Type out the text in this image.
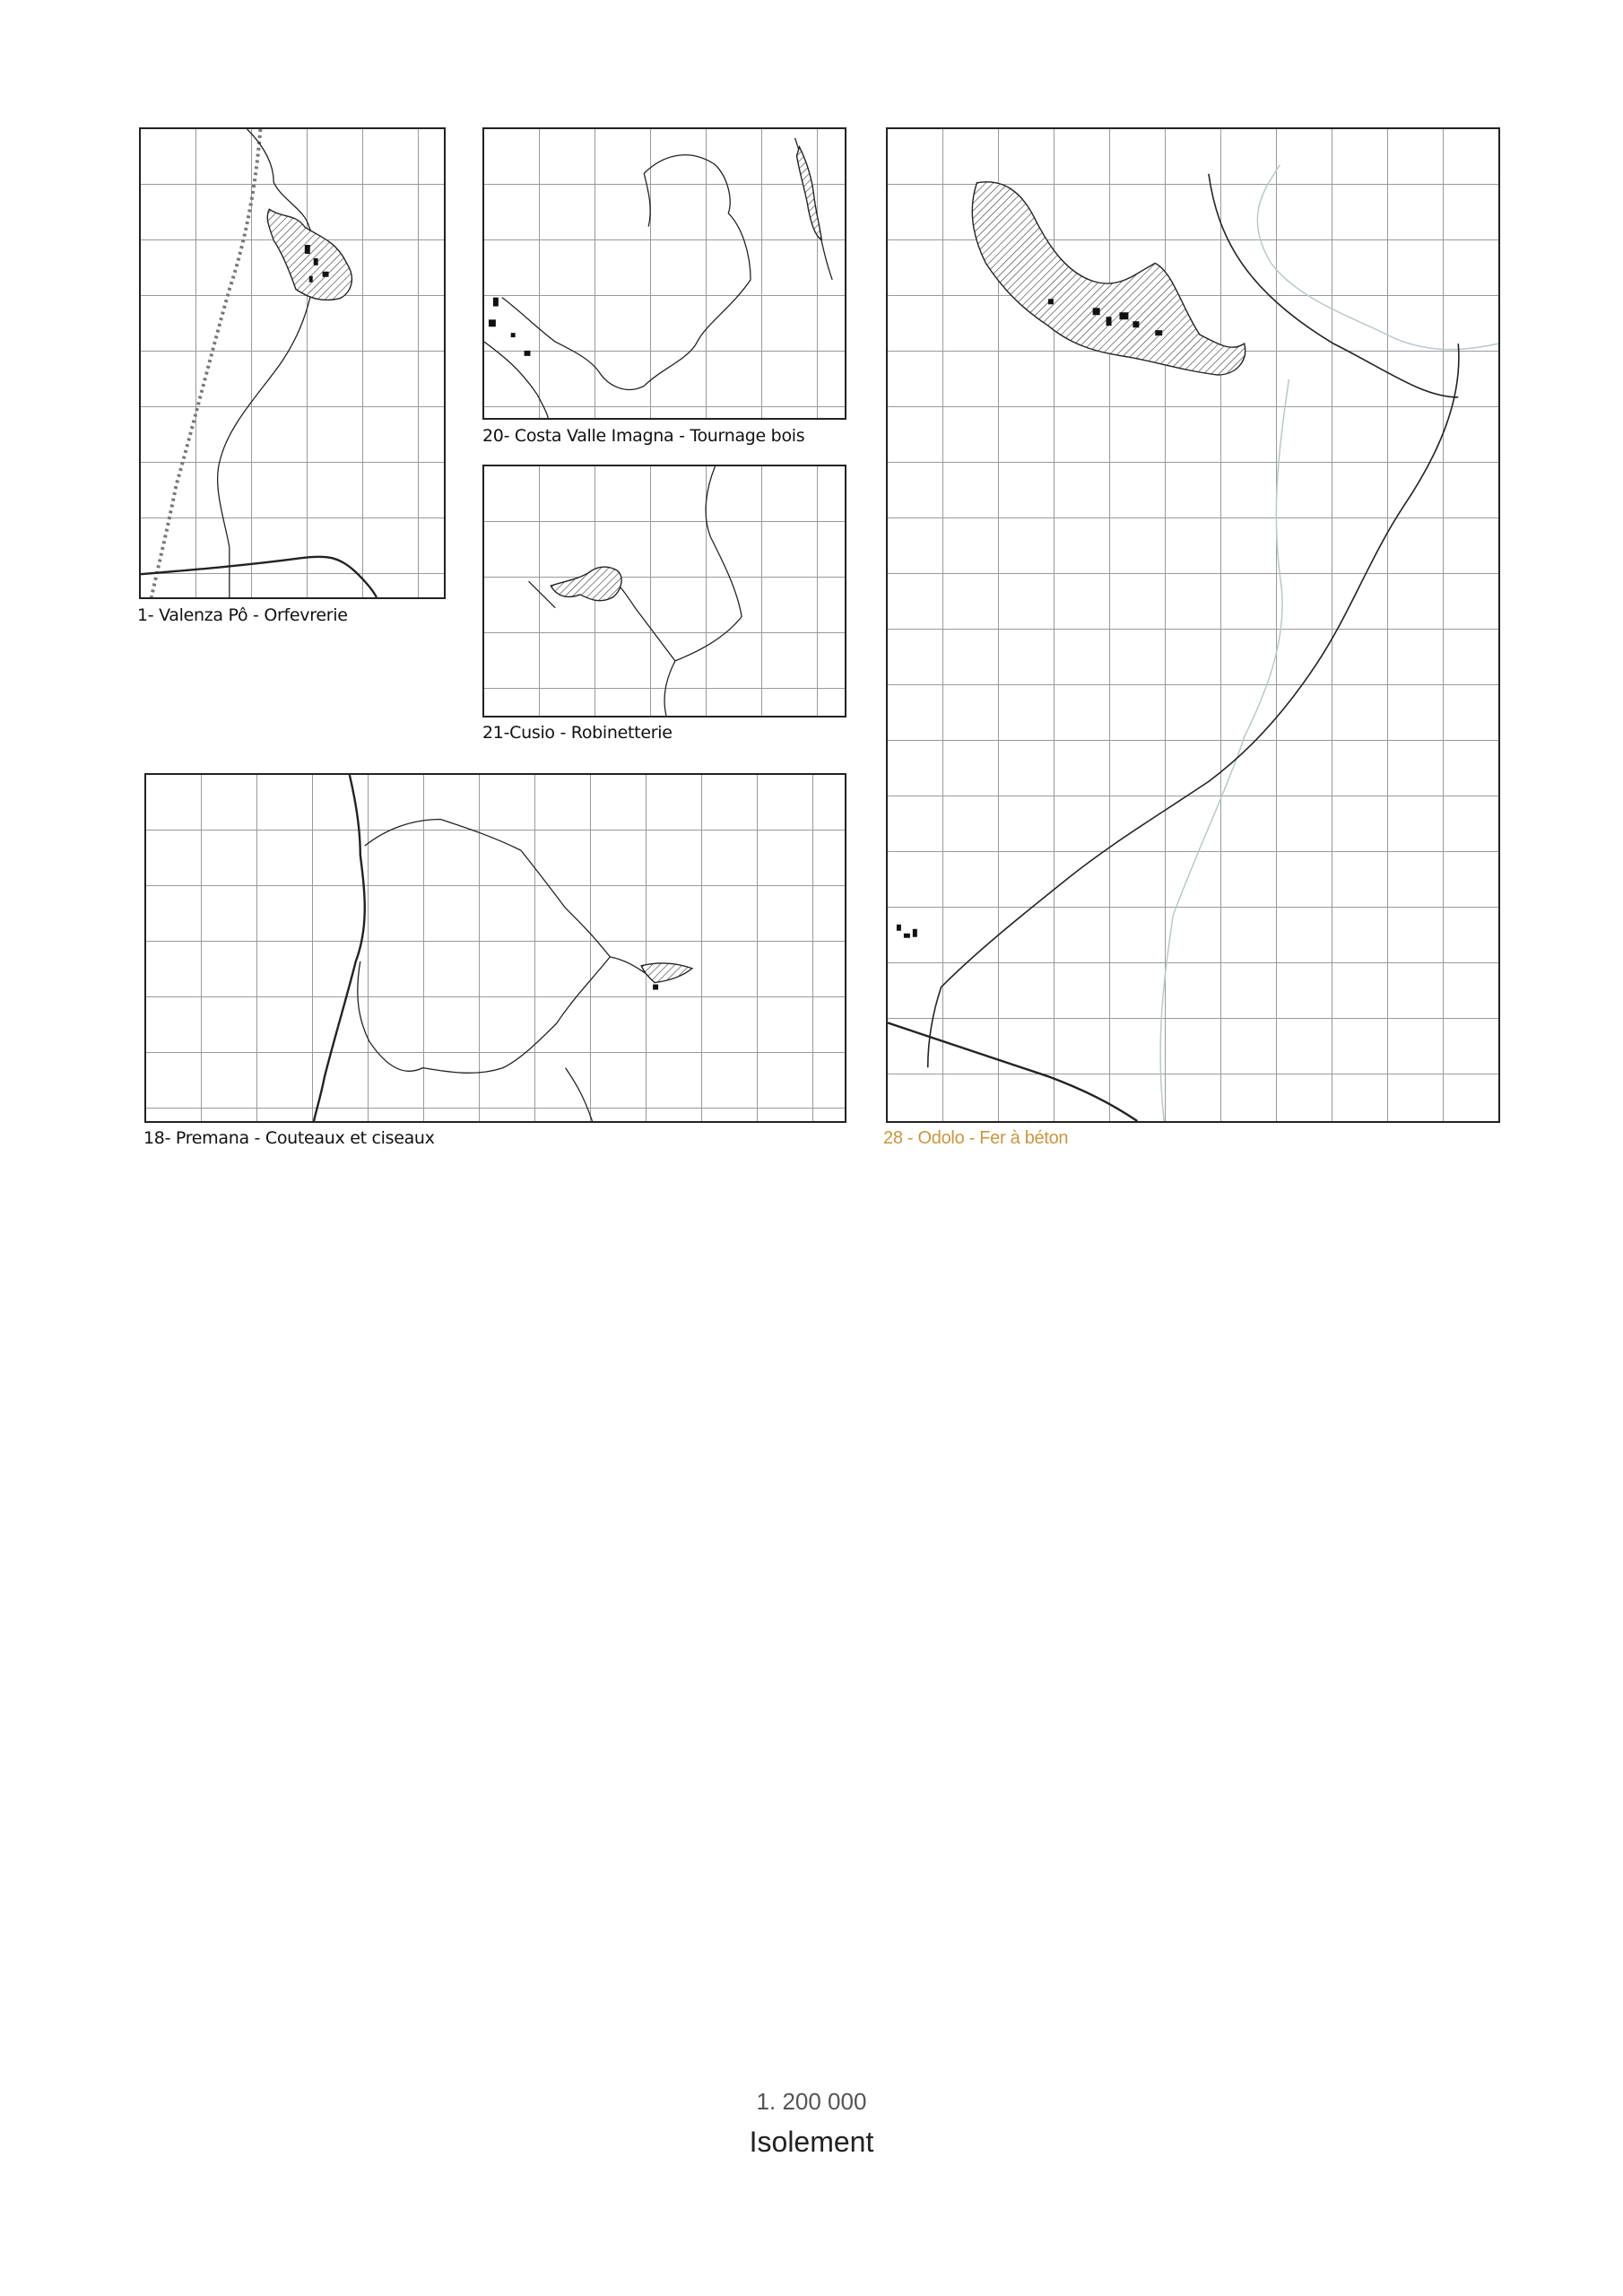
1- Valenza Pô - Orfevrerie
20- Costa Valle Imagna - Tournage bois
21-Cusio - Robinetterie
18- Premana - Couteaux et ciseaux	28 - Odolo - Fer à béton
1. 200 000
Isolement
